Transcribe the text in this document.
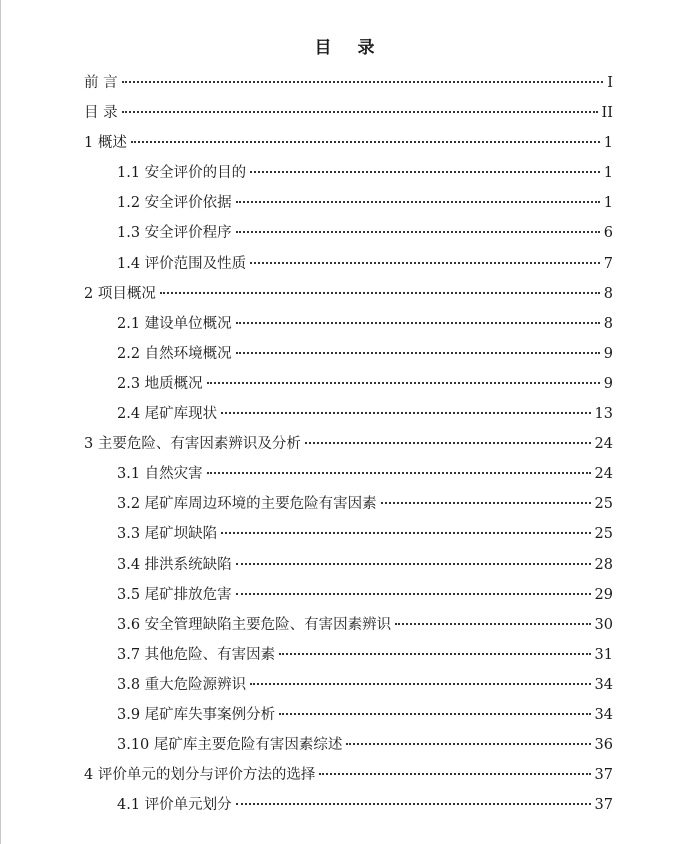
目 录
前 言	I
目 录	II
1 概述	1
1.1 安全评价的目的	1
1.2 安全评价依据	1
1.3 安全评价程序	6
1.4 评价范围及性质	7
2 项目概况	8
2.1 建设单位概况	8
2.2 自然环境概况	9
2.3 地质概况	9
2.4 尾矿库现状	13
3 主要危险、有害因素辨识及分析	24
3.1 自然灾害	24
3.2 尾矿库周边环境的主要危险有害因素	25
3.3 尾矿坝缺陷	25
3.4 排洪系统缺陷	28
3.5 尾矿排放危害	29
3.6 安全管理缺陷主要危险、有害因素辨识	30
3.7 其他危险、有害因素	31
3.8 重大危险源辨识	34
3.9 尾矿库失事案例分析	34
3.10 尾矿库主要危险有害因素综述	36
4 评价单元的划分与评价方法的选择	37
4.1 评价单元划分	37
